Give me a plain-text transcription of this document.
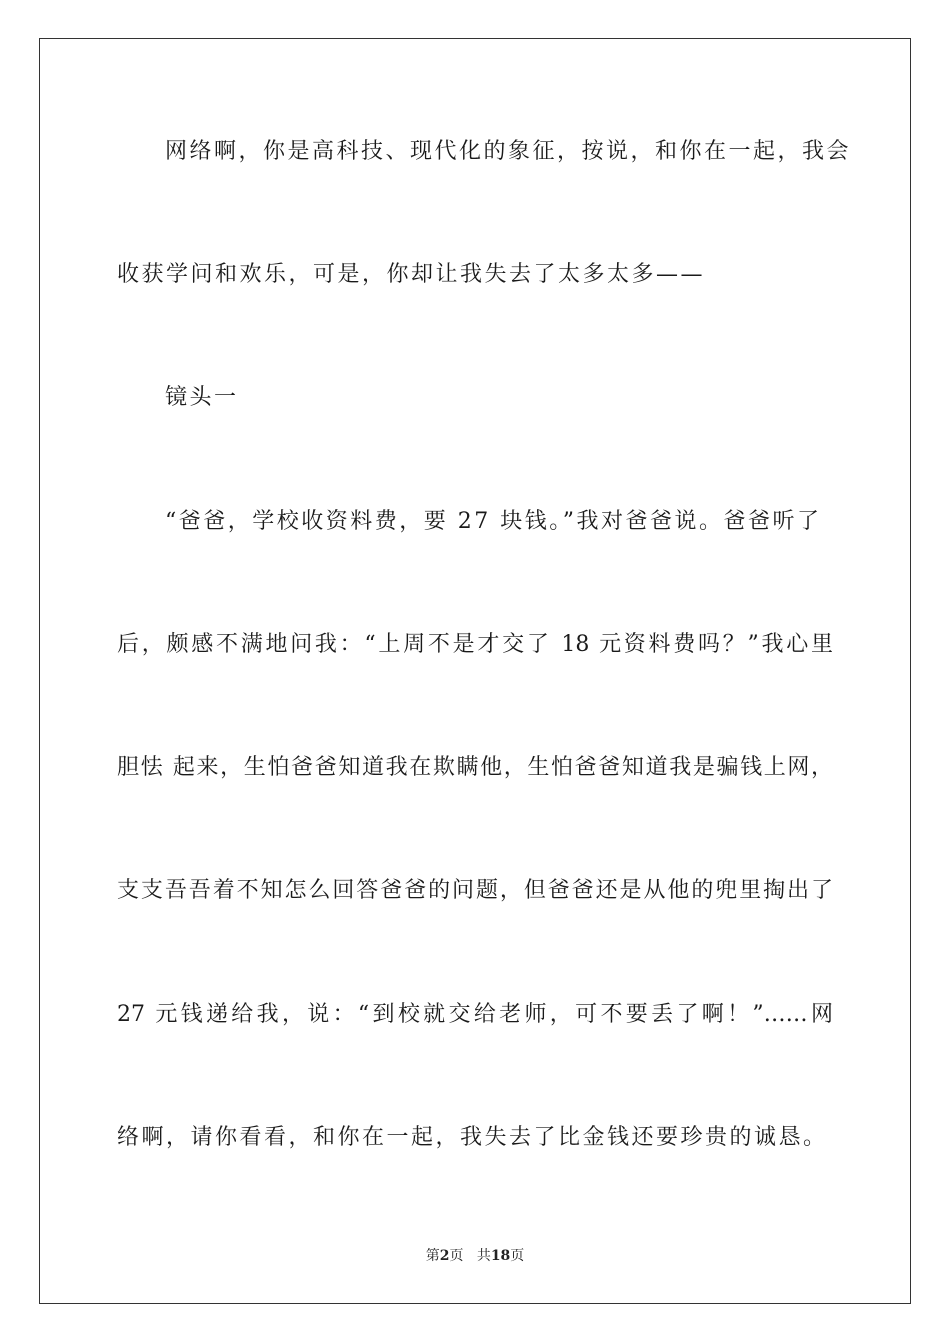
网络啊，你是高科技、现代化的象征，按说，和你在一起，我会
收获学问和欢乐，可是，你却让我失去了太多太多——
镜头一
“爸爸，学校收资料费，要 27 块钱。”我对爸爸说。爸爸听了
后，颇感不满地问我：“上周不是才交了 18 元资料费吗？”我心里
胆怯 起来，生怕爸爸知道我在欺瞒他，生怕爸爸知道我是骗钱上网，
支支吾吾着不知怎么回答爸爸的问题，但爸爸还是从他的兜里掏出了
27 元钱递给我，说：“到校就交给老师，可不要丢了啊！”……网
络啊，请你看看，和你在一起，我失去了比金钱还要珍贵的诚恳。
第2页 共18页
